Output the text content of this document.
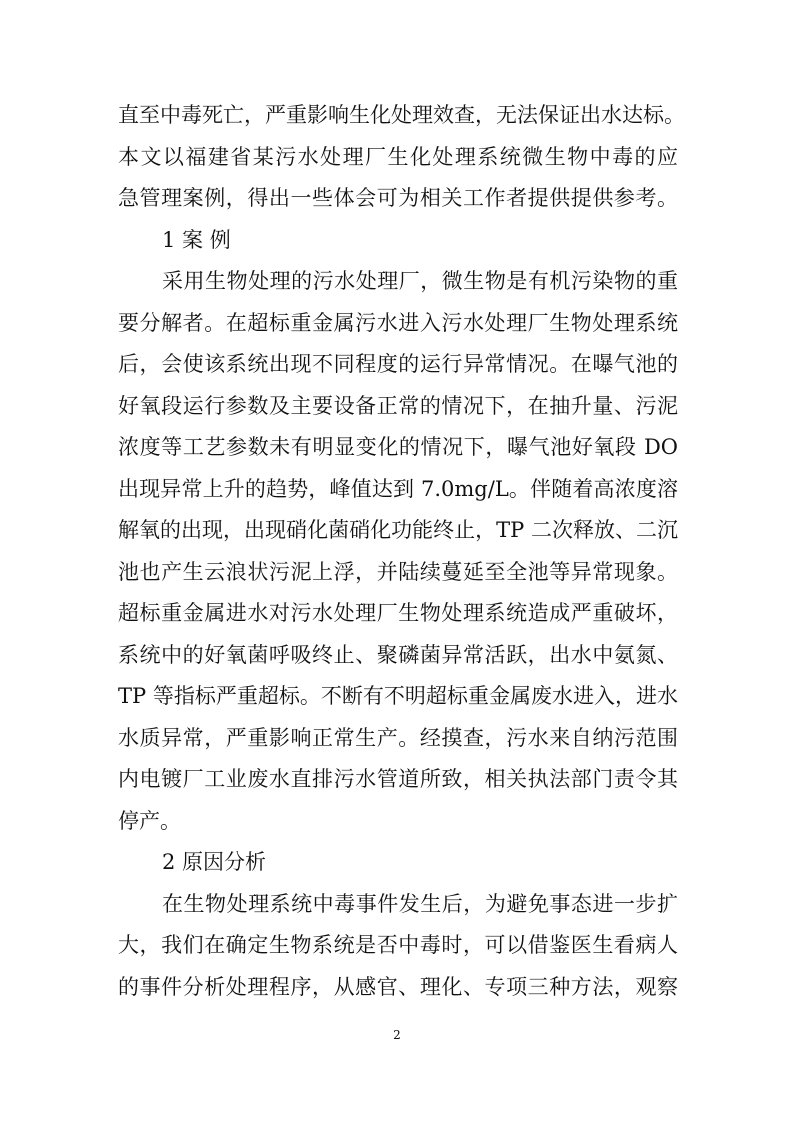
直至中毒死亡，严重影响生化处理效查，无法保证出水达标。
本文以福建省某污水处理厂生化处理系统微生物中毒的应
急管理案例，得出一些体会可为相关工作者提供提供参考。
1 案 例
采用生物处理的污水处理厂，微生物是有机污染物的重
要分解者。在超标重金属污水进入污水处理厂生物处理系统
后，会使该系统出现不同程度的运行异常情况。在曝气池的
好氧段运行参数及主要设备正常的情况下，在抽升量、污泥
浓度等工艺参数未有明显变化的情况下，曝气池好氧段 DO
出现异常上升的趋势，峰值达到 7.0mg/L。伴随着高浓度溶
解氧的出现，出现硝化菌硝化功能终止，TP 二次释放、二沉
池也产生云浪状污泥上浮，并陆续蔓延至全池等异常现象。
超标重金属进水对污水处理厂生物处理系统造成严重破坏，
系统中的好氧菌呼吸终止、聚磷菌异常活跃，出水中氨氮、
TP 等指标严重超标。不断有不明超标重金属废水进入，进水
水质异常，严重影响正常生产。经摸查，污水来自纳污范围
内电镀厂工业废水直排污水管道所致，相关执法部门责令其
停产。
2 原因分析
在生物处理系统中毒事件发生后，为避免事态进一步扩
大，我们在确定生物系统是否中毒时，可以借鉴医生看病人
的事件分析处理程序，从感官、理化、专项三种方法，观察
2
